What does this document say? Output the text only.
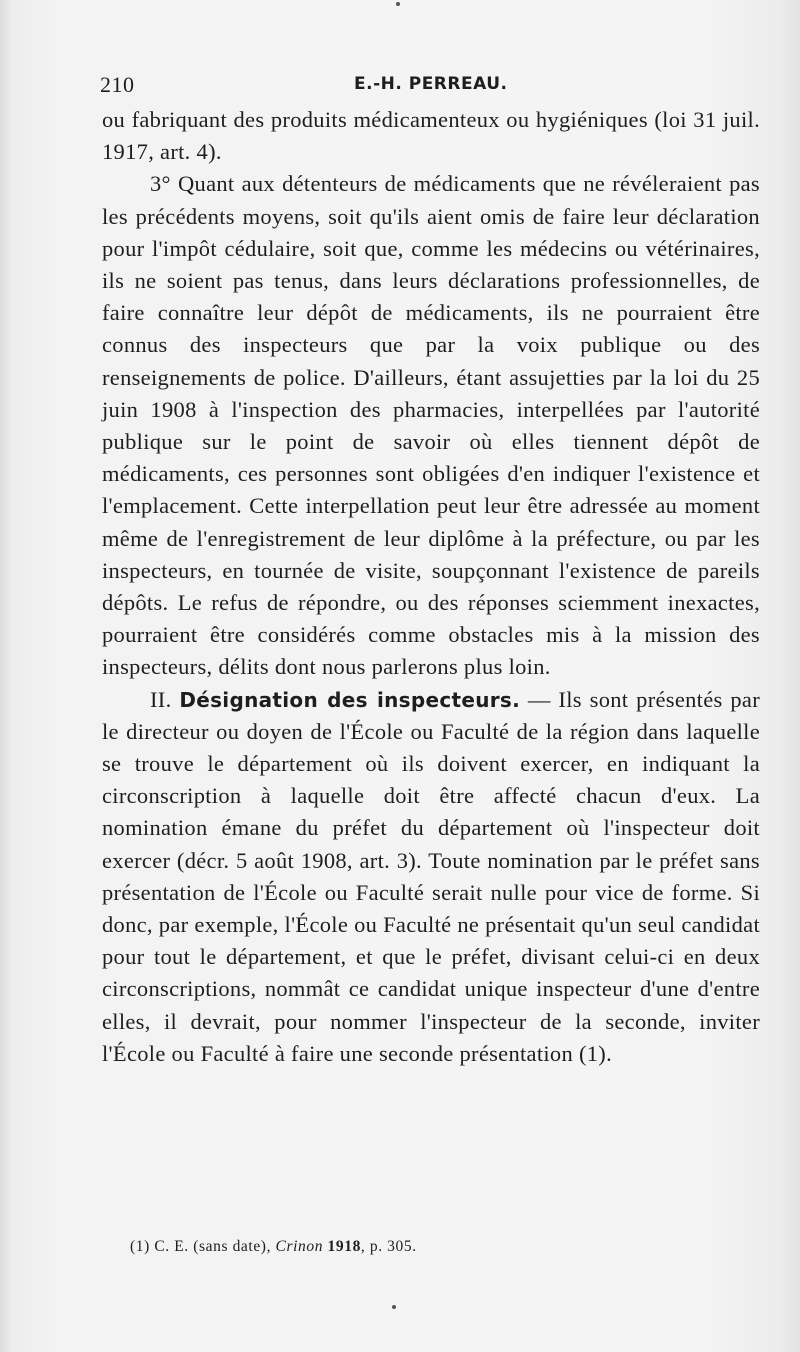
210	E.-H. PERREAU.

ou fabriquant des produits médicamenteux ou hygiéniques (loi 31 juil. 1917, art. 4).

3° Quant aux détenteurs de médicaments que ne révéleraient pas les précédents moyens, soit qu'ils aient omis de faire leur déclaration pour l'impôt cédulaire, soit que, comme les médecins ou vétérinaires, ils ne soient pas tenus, dans leurs déclarations professionnelles, de faire connaître leur dépôt de médicaments, ils ne pourraient être connus des inspecteurs que par la voix publique ou des renseignements de police. D'ailleurs, étant assujetties par la loi du 25 juin 1908 à l'inspection des pharmacies, interpellées par l'autorité publique sur le point de savoir où elles tiennent dépôt de médicaments, ces personnes sont obligées d'en indiquer l'existence et l'emplacement. Cette interpellation peut leur être adressée au moment même de l'enregistrement de leur diplôme à la préfecture, ou par les inspecteurs, en tournée de visite, soupçonnant l'existence de pareils dépôts. Le refus de répondre, ou des réponses sciemment inexactes, pourraient être considérés comme obstacles mis à la mission des inspecteurs, délits dont nous parlerons plus loin.

II. Désignation des inspecteurs. — Ils sont présentés par le directeur ou doyen de l'École ou Faculté de la région dans laquelle se trouve le département où ils doivent exercer, en indiquant la circonscription à laquelle doit être affecté chacun d'eux. La nomination émane du préfet du département où l'inspecteur doit exercer (décr. 5 août 1908, art. 3). Toute nomination par le préfet sans présentation de l'École ou Faculté serait nulle pour vice de forme. Si donc, par exemple, l'École ou Faculté ne présentait qu'un seul candidat pour tout le département, et que le préfet, divisant celui-ci en deux circonscriptions, nommât ce candidat unique inspecteur d'une d'entre elles, il devrait, pour nommer l'inspecteur de la seconde, inviter l'École ou Faculté à faire une seconde présentation (1).

(1) C. E. (sans date), Crinon 1918, p. 305.
